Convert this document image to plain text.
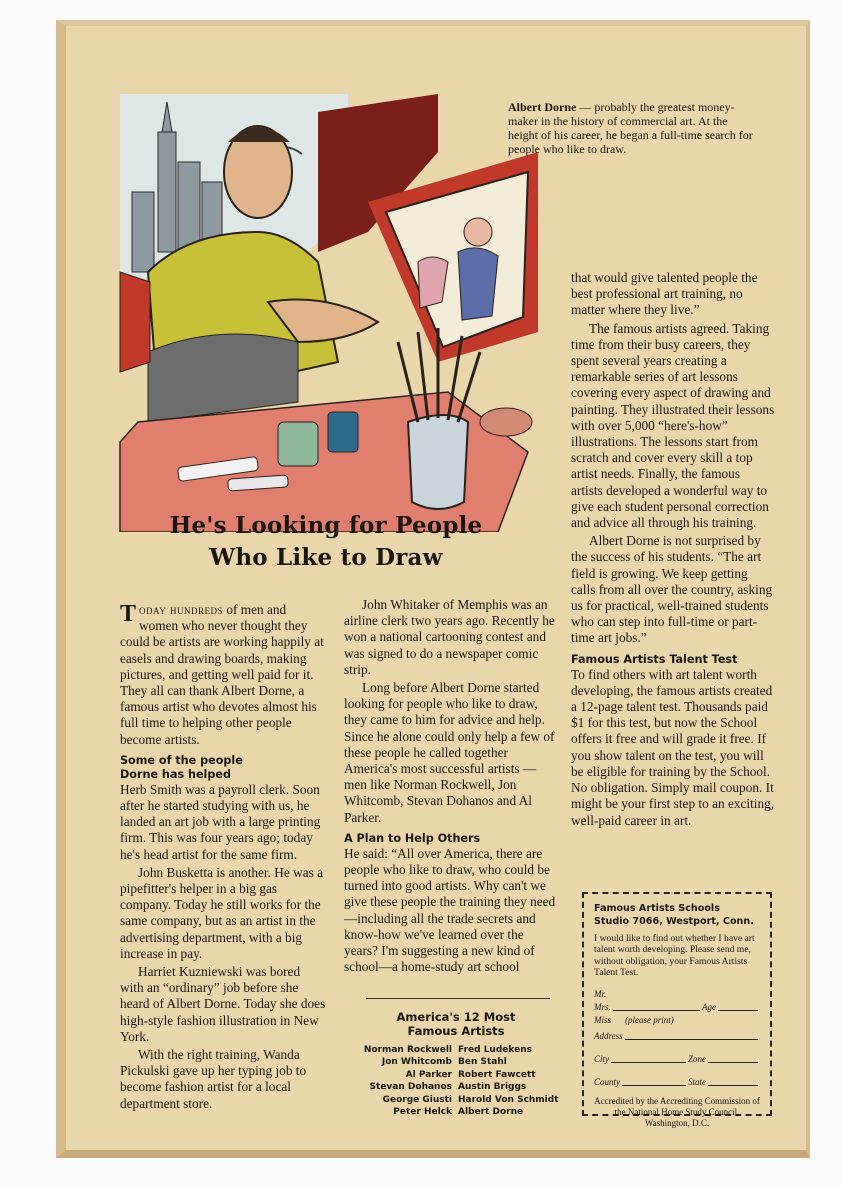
Albert Dorne — probably the greatest money-maker in the history of commercial art. At the height of his career, he began a full-time search for people who like to draw.
He's Looking for People
Who Like to Draw

Today hundreds of men and women who never thought they could be artists are working happily at easels and drawing boards, making pictures, and getting well paid for it. They all can thank Albert Dorne, a famous artist who devotes almost his full time to helping other people become artists.

Some of the people
Dorne has helped

Herb Smith was a payroll clerk. Soon after he started studying with us, he landed an art job with a large printing firm. This was four years ago; today he's head artist for the same firm.

John Busketta is another. He was a pipefitter's helper in a big gas company. Today he still works for the same company, but as an artist in the advertising department, with a big increase in pay.

Harriet Kuzniewski was bored with an “ordinary” job before she heard of Albert Dorne. Today she does high-style fashion illustration in New York.

With the right training, Wanda Pickulski gave up her typing job to become fashion artist for a local department store.

John Whitaker of Memphis was an airline clerk two years ago. Recently he won a national cartooning contest and was signed to do a newspaper comic strip.

Long before Albert Dorne started looking for people who like to draw, they came to him for advice and help. Since he alone could only help a few of these people he called together America's most successful artists —men like Norman Rockwell, Jon Whitcomb, Stevan Dohanos and Al Parker.

A Plan to Help Others

He said: “All over America, there are people who like to draw, who could be turned into good artists. Why can't we give these people the training they need—including all the trade secrets and know-how we've learned over the years? I'm suggesting a new kind of school—a home-study art school

that would give talented people the best professional art training, no matter where they live.”

The famous artists agreed. Taking time from their busy careers, they spent several years creating a remarkable series of art lessons covering every aspect of drawing and painting. They illustrated their lessons with over 5,000 “here's-how” illustrations. The lessons start from scratch and cover every skill a top artist needs. Finally, the famous artists developed a wonderful way to give each student personal correction and advice all through his training.

Albert Dorne is not surprised by the success of his students. “The art field is growing. We keep getting calls from all over the country, asking us for practical, well-trained students who can step into full-time or part-time art jobs.”

Famous Artists Talent Test

To find others with art talent worth developing, the famous artists created a 12-page talent test. Thousands paid $1 for this test, but now the School offers it free and will grade it free. If you show talent on the test, you will be eligible for training by the School. No obligation. Simply mail coupon. It might be your first step to an exciting, well-paid career in art.

America's 12 Most
Famous Artists
Norman Rockwell Fred Ludekens
Jon Whitcomb Ben Stahl
Al Parker Robert Fawcett
Stevan Dohanos Austin Briggs
George Giusti Harold Von Schmidt
Peter Helck Albert Dorne
Famous Artists Schools
Studio 7066, Westport, Conn.
I would like to find out whether I have art talent worth developing. Please send me, without obligation, your Famous Artists Talent Test.
Mr.
Mrs.	Age
Miss (please print)
Address
City	Zone
County	State
Accredited by the Accrediting Commission of the National Home Study Council, Washington, D.C.
